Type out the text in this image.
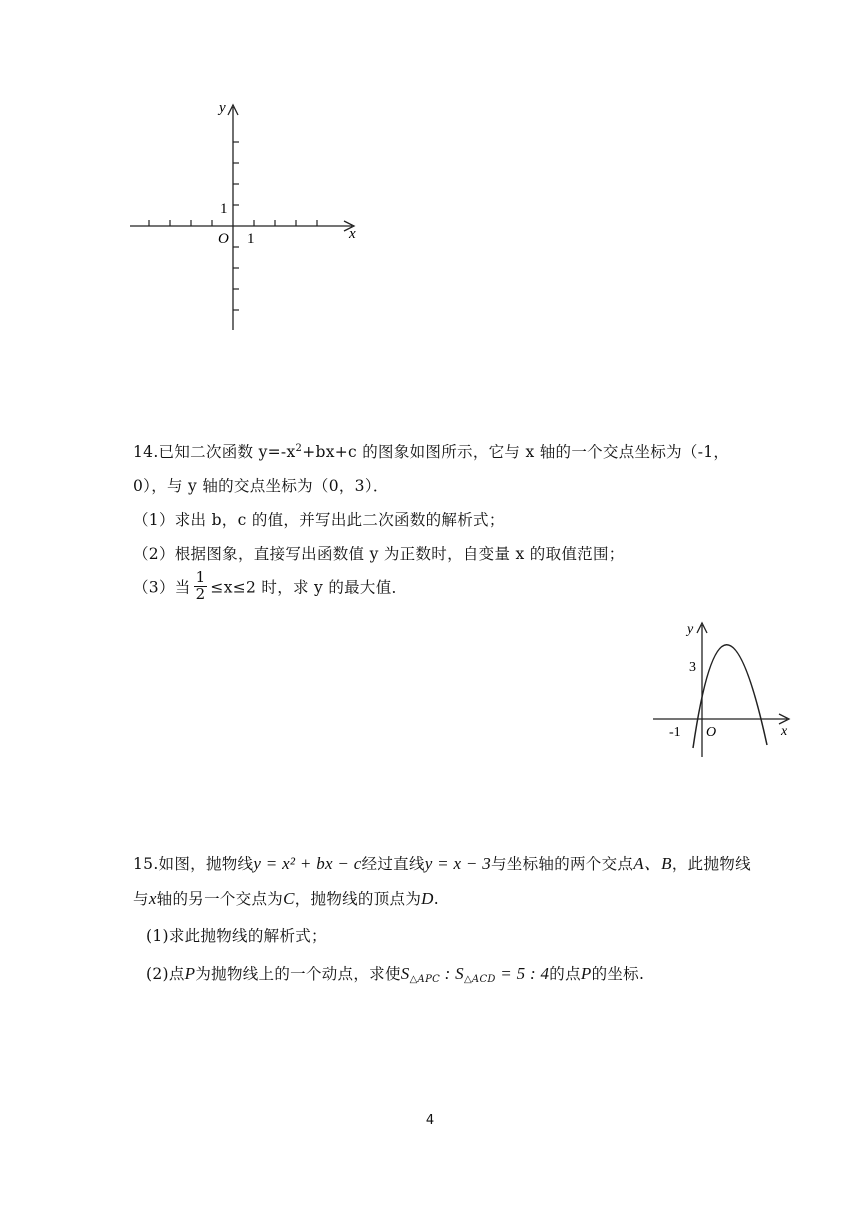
y
x
O
1
1
14.已知二次函数 $y=-x^2+bx+c$ 的图象如图所示，它与 x 轴的一个交点坐标为（-1，
0），与 y 轴的交点坐标为（0，3）．
（1）求出 b，c 的值，并写出此二次函数的解析式；
（2）根据图象，直接写出函数值 y 为正数时，自变量 x 的取值范围；
（3）当 $\frac{1}{2} \le x\le 2$ 时，求 y 的最大值．
y
x
O
3
-1
15.如图，抛物线y = x² + bx − c经过直线y = x − 3与坐标轴的两个交点A、B，此抛物线
与x轴的另一个交点为C，抛物线的顶点为D.
(1)求此抛物线的解析式；
(2)点P为抛物线上的一个动点，求使$S_{\triangle APC}$ : $S_{\triangle ACD} = 5$ : 4的点P的坐标.
4
